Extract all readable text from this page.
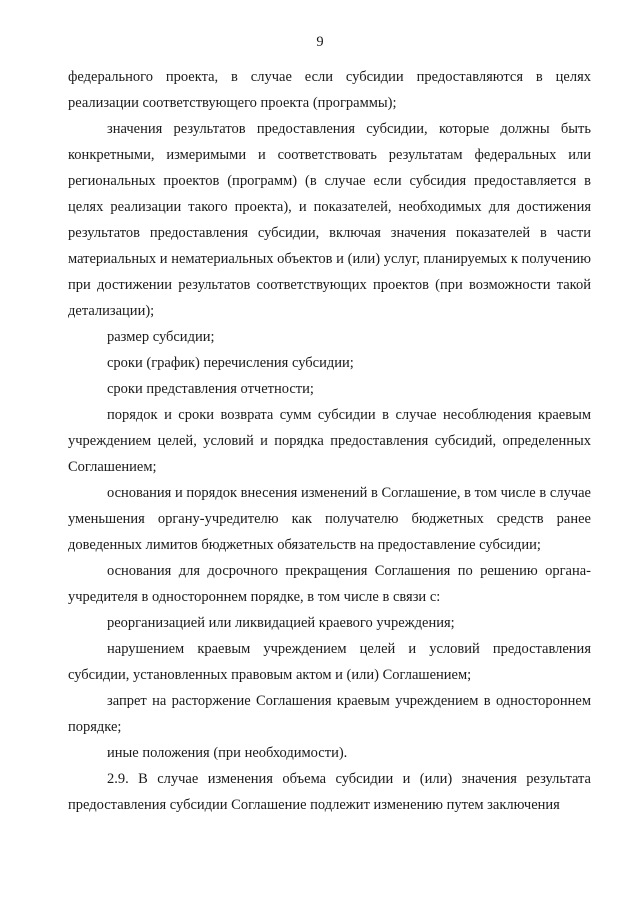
9

федерального проекта, в случае если субсидии предоставляются в целях реализации соответствующего проекта (программы);

значения результатов предоставления субсидии, которые должны быть конкретными, измеримыми и соответствовать результатам федеральных или региональных проектов (программ) (в случае если субсидия предоставляется в целях реализации такого проекта), и показателей, необходимых для достижения результатов предоставления субсидии, включая значения показателей в части материальных и нематериальных объектов и (или) услуг, планируемых к получению при достижении результатов соответствующих проектов (при возможности такой детализации);

размер субсидии;

сроки (график) перечисления субсидии;

сроки представления отчетности;

порядок и сроки возврата сумм субсидии в случае несоблюдения краевым учреждением целей, условий и порядка предоставления субсидий, определенных Соглашением;

основания и порядок внесения изменений в Соглашение, в том числе в случае уменьшения органу-учредителю как получателю бюджетных средств ранее доведенных лимитов бюджетных обязательств на предоставление субсидии;

основания для досрочного прекращения Соглашения по решению органа-учредителя в одностороннем порядке, в том числе в связи с:

реорганизацией или ликвидацией краевого учреждения;

нарушением краевым учреждением целей и условий предоставления субсидии, установленных правовым актом и (или) Соглашением;

запрет на расторжение Соглашения краевым учреждением в одностороннем порядке;

иные положения (при необходимости).

2.9. В случае изменения объема субсидии и (или) значения результата предоставления субсидии Соглашение подлежит изменению путем заключения
